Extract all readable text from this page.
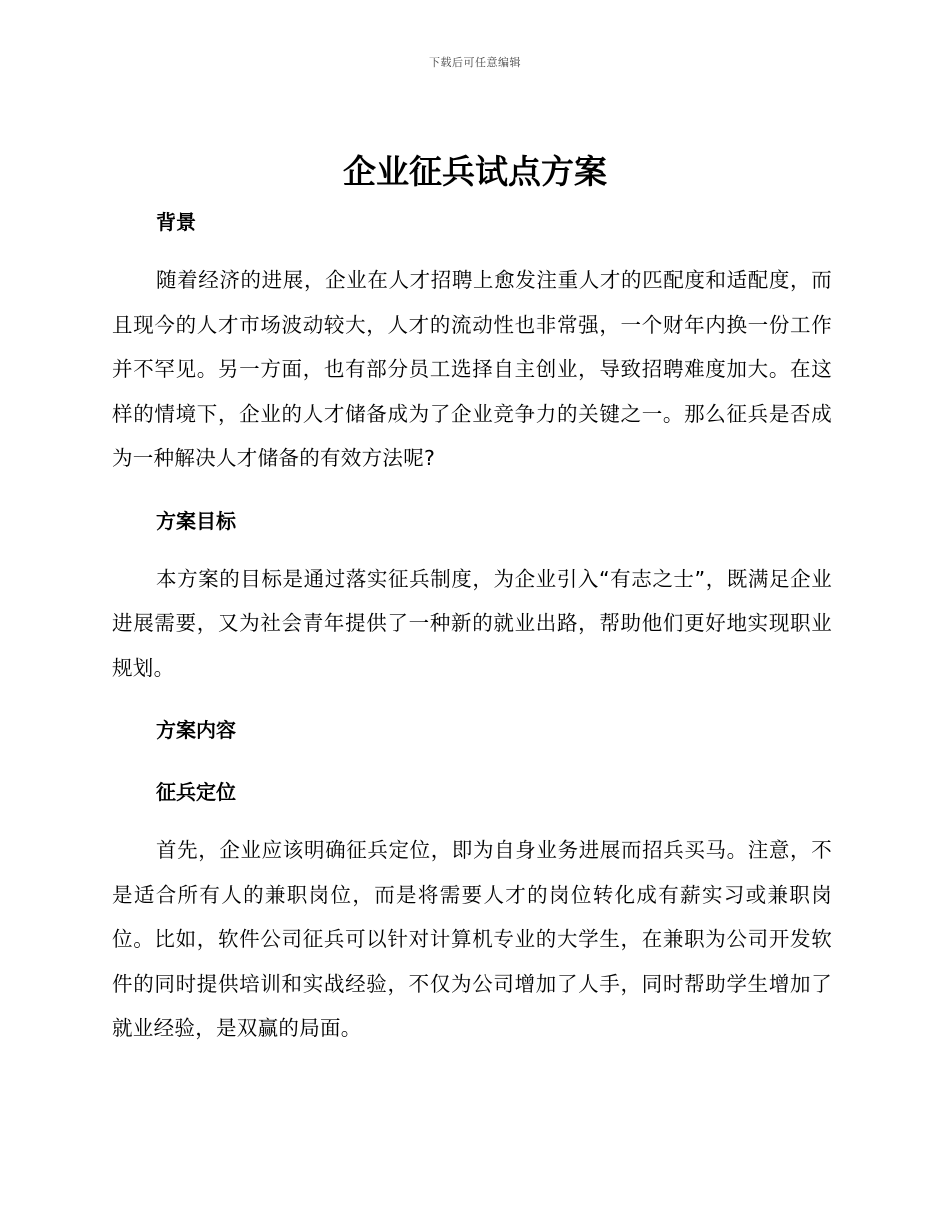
下载后可任意编辑
企业征兵试点方案
背景

随着经济的进展，企业在人才招聘上愈发注重人才的匹配度和适配度，而且现今的人才市场波动较大，人才的流动性也非常强，一个财年内换一份工作并不罕见。另一方面，也有部分员工选择自主创业，导致招聘难度加大。在这样的情境下，企业的人才储备成为了企业竞争力的关键之一。那么征兵是否成为一种解决人才储备的有效方法呢?

方案目标

本方案的目标是通过落实征兵制度，为企业引入“有志之士”，既满足企业进展需要，又为社会青年提供了一种新的就业出路，帮助他们更好地实现职业规划。

方案内容
征兵定位

首先，企业应该明确征兵定位，即为自身业务进展而招兵买马。注意，不是适合所有人的兼职岗位，而是将需要人才的岗位转化成有薪实习或兼职岗位。比如，软件公司征兵可以针对计算机专业的大学生，在兼职为公司开发软件的同时提供培训和实战经验，不仅为公司增加了人手，同时帮助学生增加了就业经验，是双赢的局面。
